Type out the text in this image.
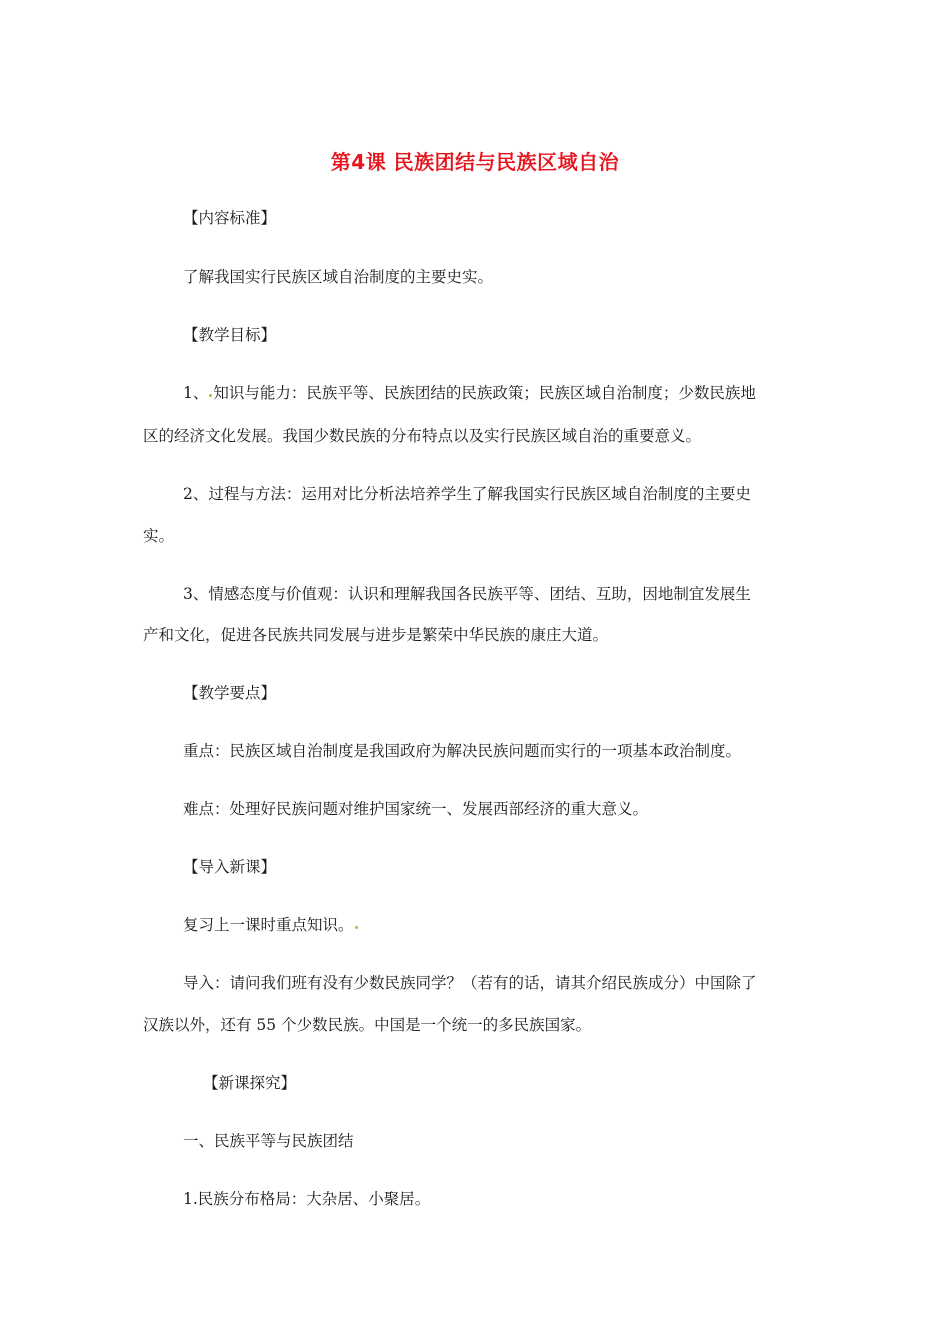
第4课 民族团结与民族区域自治
【内容标准】
了解我国实行民族区域自治制度的主要史实。
【教学目标】
1、 知识与能力：民族平等、民族团结的民族政策；民族区域自治制度；少数民族地
区的经济文化发展。我国少数民族的分布特点以及实行民族区域自治的重要意义。
2、过程与方法：运用对比分析法培养学生了解我国实行民族区域自治制度的主要史
实。
3、情感态度与价值观：认识和理解我国各民族平等、团结、互助，因地制宜发展生
产和文化，促进各民族共同发展与进步是繁荣中华民族的康庄大道。
【教学要点】
重点：民族区域自治制度是我国政府为解决民族问题而实行的一项基本政治制度。
难点：处理好民族问题对维护国家统一、发展西部经济的重大意义。
【导入新课】
复习上一课时重点知识。
导入：请问我们班有没有少数民族同学？（若有的话，请其介绍民族成分）中国除了
汉族以外，还有 55 个少数民族。中国是一个统一的多民族国家。
【新课探究】
一、民族平等与民族团结
1.民族分布格局：大杂居、小聚居。
